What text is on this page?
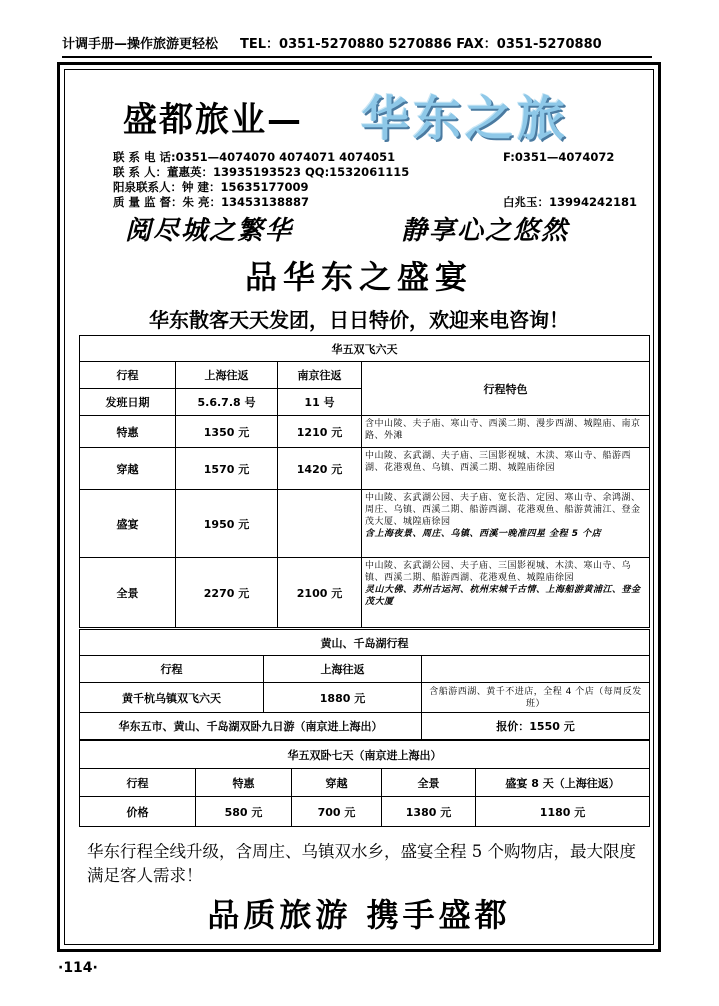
计调手册—操作旅游更轻松 TEL：0351-5270880 5270886 FAX：0351-5270880
盛都旅业— 华东之旅
联 系 电 话:0351—4074070 4074071 4074051	F:0351—4074072
联 系 人：董惠英：13935193523 QQ:1532061115
阳泉联系人：钟 建：15635177009
质 量 监 督：朱 亮：13453138887	白兆玉：13994242181
阅尽城之繁华	静享心之悠然
品华东之盛宴
华东散客天天发团，日日特价，欢迎来电咨询！
华五双飞六天			
行程	上海往返	南京往返	行程特色
发班日期	5.6.7.8 号	11 号	
特惠	1350 元	1210 元	含中山陵、夫子庙、寒山寺、西溪二期、漫步西湖、城隍庙、南京路、外滩
穿越	1570 元	1420 元	中山陵、玄武湖、夫子庙、三国影视城、木渎、寒山寺、船游西湖、花港观鱼、乌镇、西溪二期、城隍庙徐园
盛宴	1950 元		中山陵、玄武湖公园、夫子庙、宽长浩、定园、寒山寺、余鸿湖、周庄、乌镇、西溪二期、船游西湖、花港观鱼、船游黄浦江、登金茂大厦、城隍庙徐园
含上海夜景、周庄、乌镇、西溪一晚准四星 全程 5 个店
全景	2270 元	2100 元	中山陵、玄武湖公园、夫子庙、三国影视城、木渎、寒山寺、乌镇、西溪二期、船游西湖、花港观鱼、城隍庙徐园
灵山大佛、苏州古运河、杭州宋城千古情、上海船游黄浦江、登金茂大厦
黄山、千岛湖行程		
行程	上海往返	
黄千杭乌镇双飞六天	1880 元	含船游西湖、黄千不进店，全程 4 个店（每周反发班）
华东五市、黄山、千岛湖双卧九日游（南京进上海出）		报价：1550 元
华五双卧七天（南京进上海出）				
行程	特惠	穿越	全景	盛宴 8 天（上海往返）
价格	580 元	700 元	1380 元	1180 元
华东行程全线升级，含周庄、乌镇双水乡，盛宴全程 5 个购物店，最大限度满足客人需求！
品质旅游 携手盛都
·114·
